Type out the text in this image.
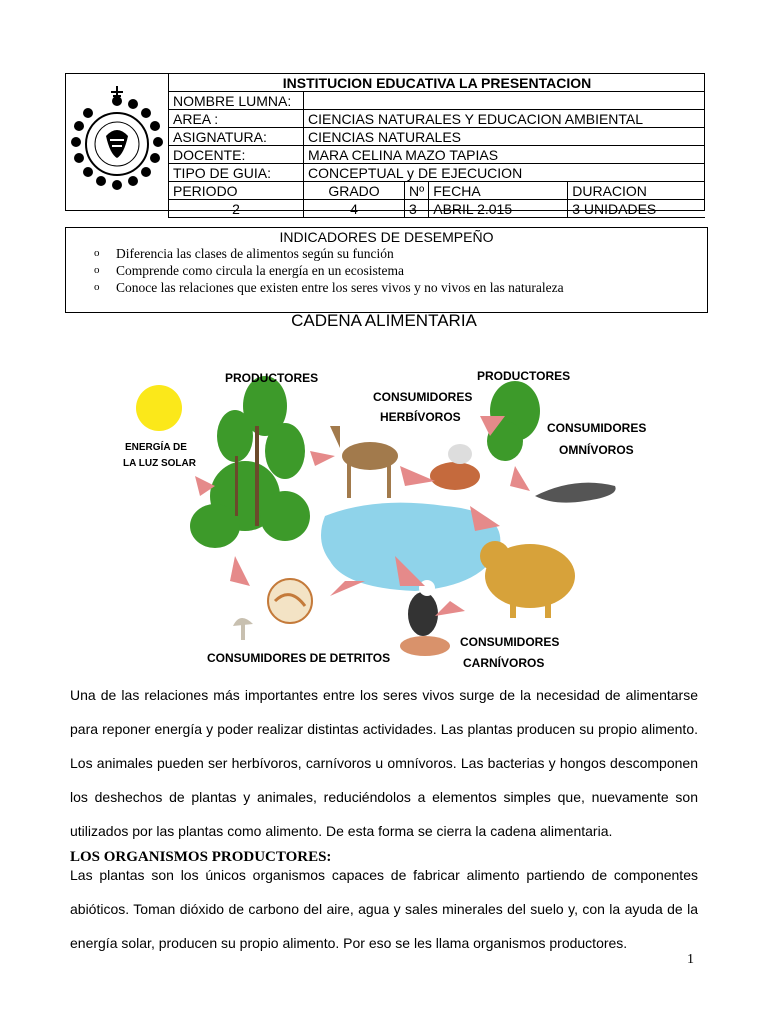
INSTITUCION EDUCATIVA LA PRESENTACION				
NOMBRE LUMNA:				
AREA :	CIENCIAS NATURALES Y EDUCACION AMBIENTAL			
ASIGNATURA:	CIENCIAS NATURALES			
DOCENTE:	MARA CELINA MAZO TAPIAS			
TIPO DE GUIA:	CONCEPTUAL y DE EJECUCION			
PERIODO	GRADO	Nº	FECHA	DURACION
2	4	3	ABRIL 2.015	3 UNIDADES
INDICADORES DE DESEMPEÑO
o Diferencia las clases de alimentos según su función
o Comprende como circula la energía en un ecosistema
o Conoce las relaciones que existen entre los seres vivos y no vivos en las naturaleza
CADENA ALIMENTARIA
PRODUCTORES
CONSUMIDORES
HERBÍVOROS
PRODUCTORES
CONSUMIDORES
OMNÍVOROS
ENERGÍA DE
LA LUZ SOLAR
CONSUMIDORES DE DETRITOS
CONSUMIDORES
CARNÍVOROS
Una de las relaciones más importantes entre los seres vivos surge de la necesidad de alimentarse
para reponer energía y poder realizar distintas actividades. Las plantas producen su propio alimento.
Los animales pueden ser herbívoros, carnívoros u omnívoros. Las bacterias y hongos descomponen
los deshechos de plantas y animales, reduciéndolos a elementos simples que, nuevamente son
utilizados por las plantas como alimento. De esta forma se cierra la cadena alimentaria.
LOS ORGANISMOS PRODUCTORES:
Las plantas son los únicos organismos capaces de fabricar alimento partiendo de componentes
abióticos. Toman dióxido de carbono del aire, agua y sales minerales del suelo y, con la ayuda de la
energía solar, producen su propio alimento. Por eso se les llama organismos productores.
1
